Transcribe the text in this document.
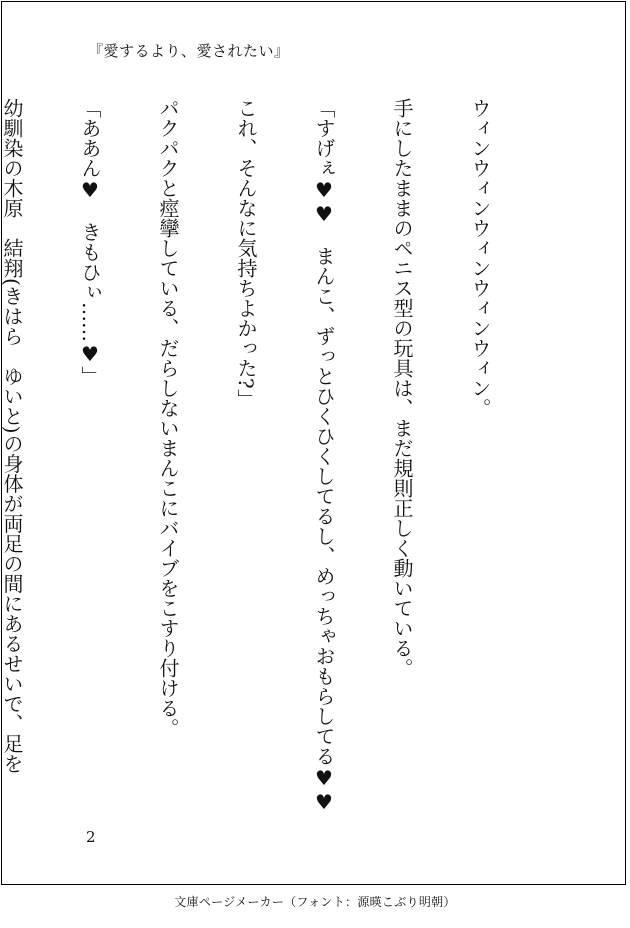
『愛するより、愛されたい』

ウィンウィンウィンウィンウィン。

手にしたままのペニス型の玩具は、まだ規則正しく動いている。

「すげぇ♥♥　まんこ、ずっとひくひくしてるし、めっちゃおもらしてる♥♥

これ、そんなに気持ちよかった?」

パクパクと痙攣している、だらしないまんこにバイブをこすり付ける。

「ああん♥　きもひぃ……♥」

幼馴染の木原　結翔(きはら　ゆいと)の身体が両足の間にあるせいで、足を

2
文庫ページメーカー（フォント：源暎こぶり明朝）
